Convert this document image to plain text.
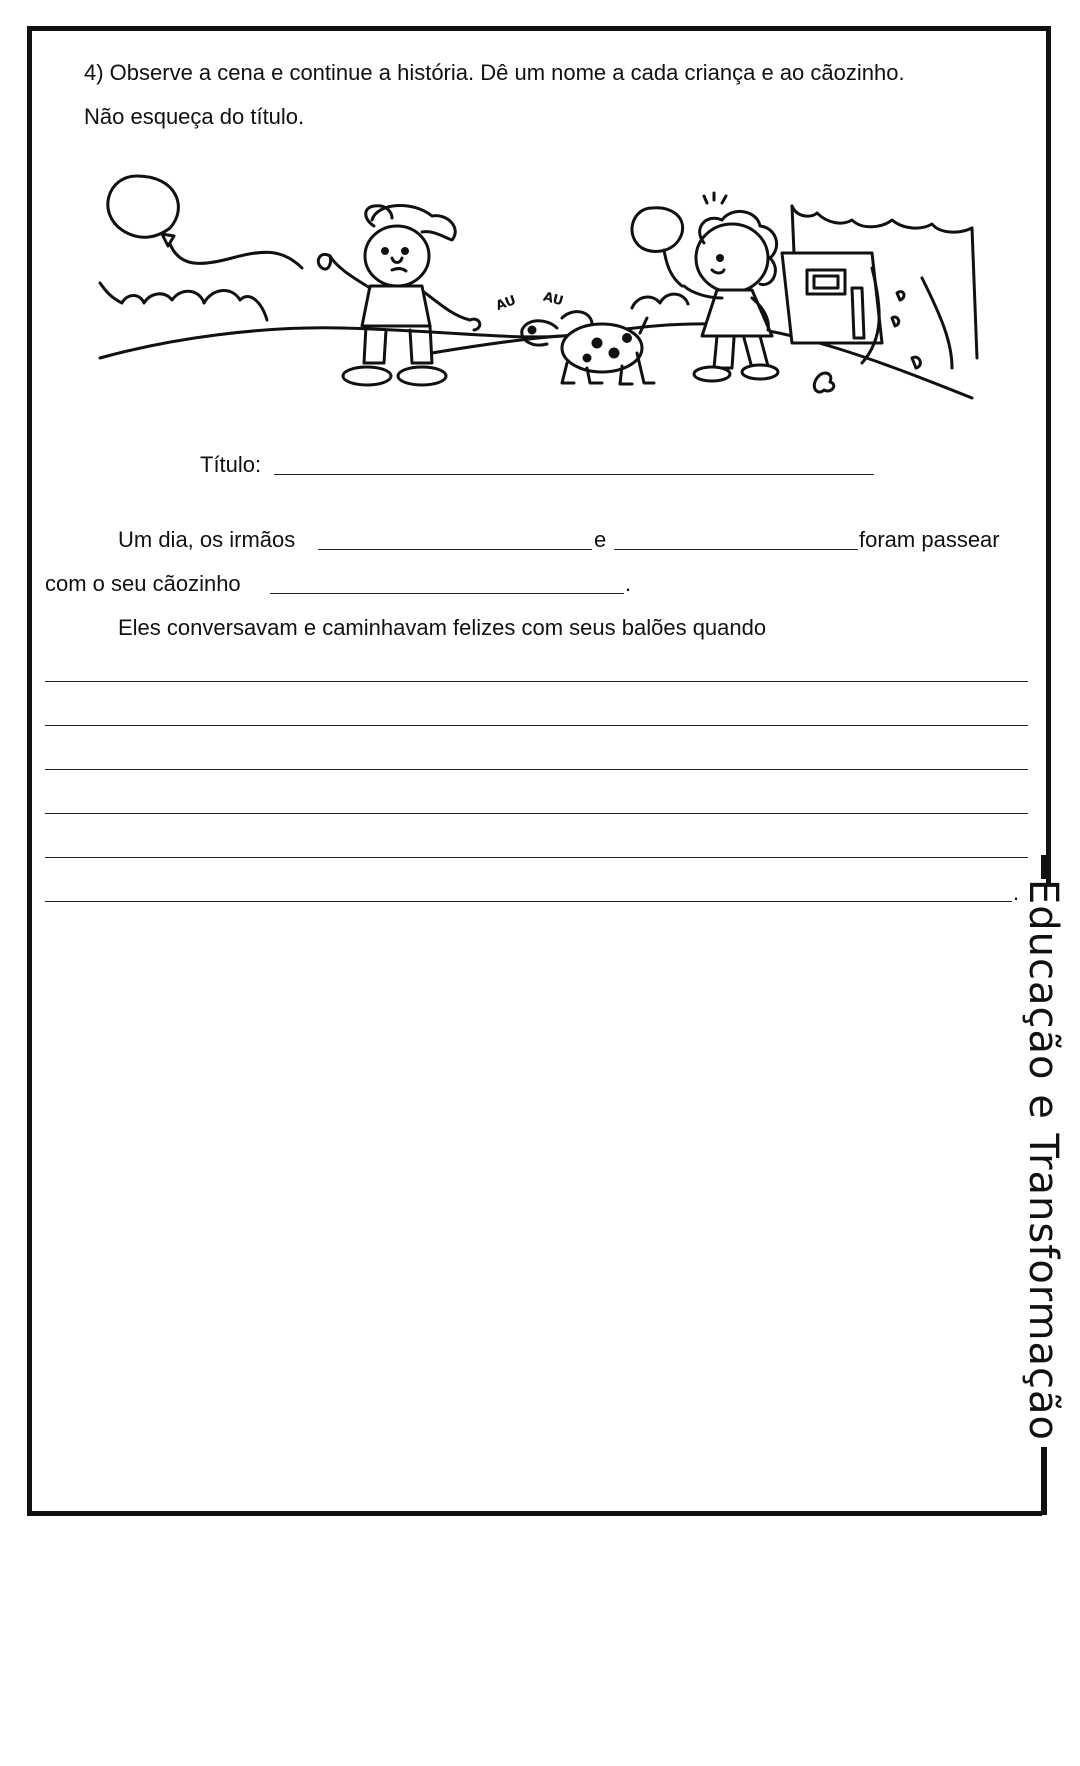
4) Observe a cena e continue a história. Dê um nome a cada criança e ao cãozinho.
Não esqueça do título.
AU AU
Título:
Um dia, os irmãos	e	foram passear
com o seu cãozinho	.
Eles conversavam e caminhavam felizes com seus balões quando
. Educação e Transformação
